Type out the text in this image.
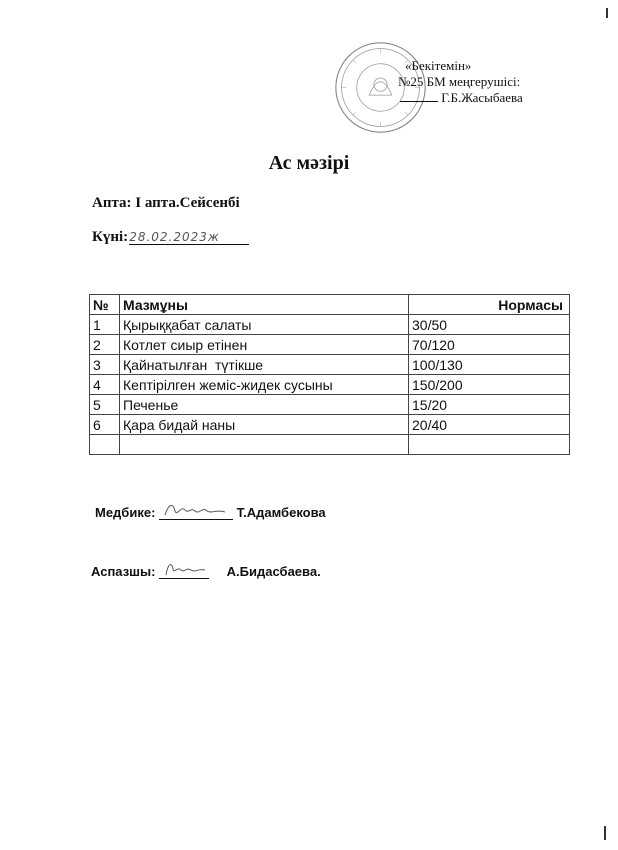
«Бекітемін»
№25 БМ меңгерушісі:
Г.Б.Жасыбаева
Ас мәзірі
Апта: І апта.Сейсенбі
Күні:28.02.2023ж
№	Мазмұны	Нормасы
1	Қырыққабат салаты	30/50
2	Котлет сиыр етінен	70/120
3	Қайнатылған  түтікше	100/130
4	Кептірілген жеміс-жидек сусыны	150/200
5	Печенье	15/20
6	Қара бидай наны	20/40

Медбике:	Т.Адамбекова
Аспазшы:	А.Бидасбаева.
